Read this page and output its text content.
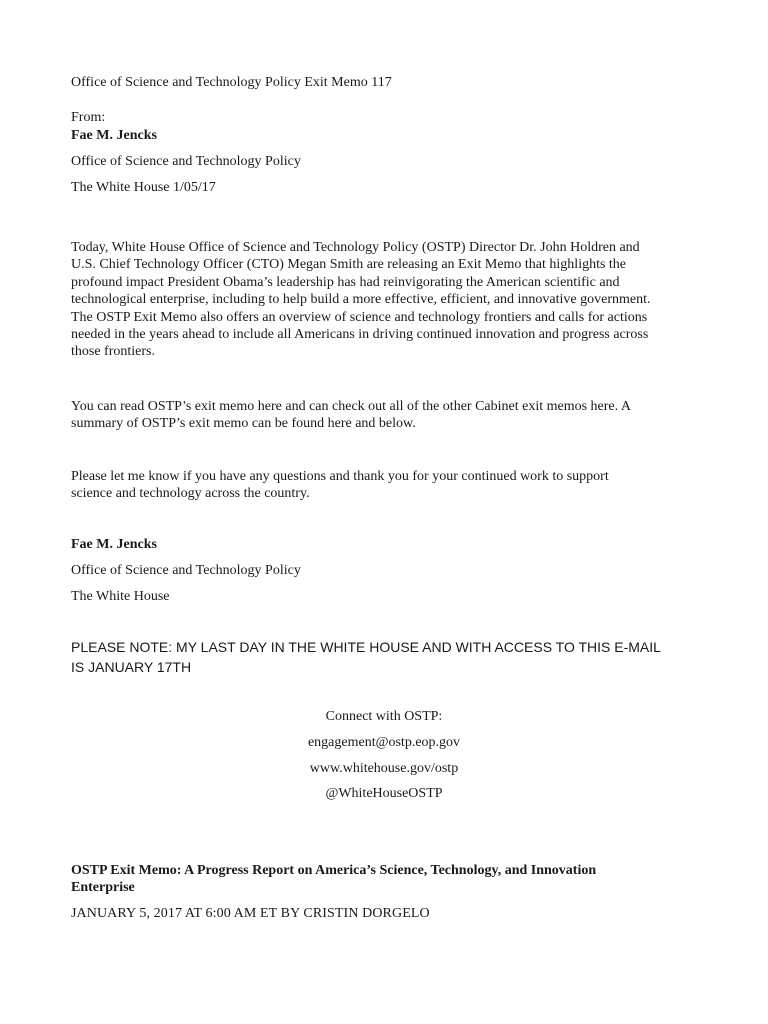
Office of Science and Technology Policy Exit Memo 117

From:

Fae M. Jencks

Office of Science and Technology Policy

The White House 1/05/17

Today, White House Office of Science and Technology Policy (OSTP) Director Dr. John Holdren and
U.S. Chief Technology Officer (CTO) Megan Smith are releasing an Exit Memo that highlights the
profound impact President Obama’s leadership has had reinvigorating the American scientific and
technological enterprise, including to help build a more effective, efficient, and innovative government.
The OSTP Exit Memo also offers an overview of science and technology frontiers and calls for actions
needed in the years ahead to include all Americans in driving continued innovation and progress across
those frontiers.
You can read OSTP’s exit memo here and can check out all of the other Cabinet exit memos here. A
summary of OSTP’s exit memo can be found here and below.
Please let me know if you have any questions and thank you for your continued work to support
science and technology across the country.

Fae M. Jencks

Office of Science and Technology Policy

The White House

PLEASE NOTE: MY LAST DAY IN THE WHITE HOUSE AND WITH ACCESS TO THIS E-MAIL
IS JANUARY 17TH

Connect with OSTP:

engagement@ostp.eop.gov

www.whitehouse.gov/ostp

@WhiteHouseOSTP

OSTP Exit Memo: A Progress Report on America’s Science, Technology, and Innovation
Enterprise

JANUARY 5, 2017 AT 6:00 AM ET BY CRISTIN DORGELO
